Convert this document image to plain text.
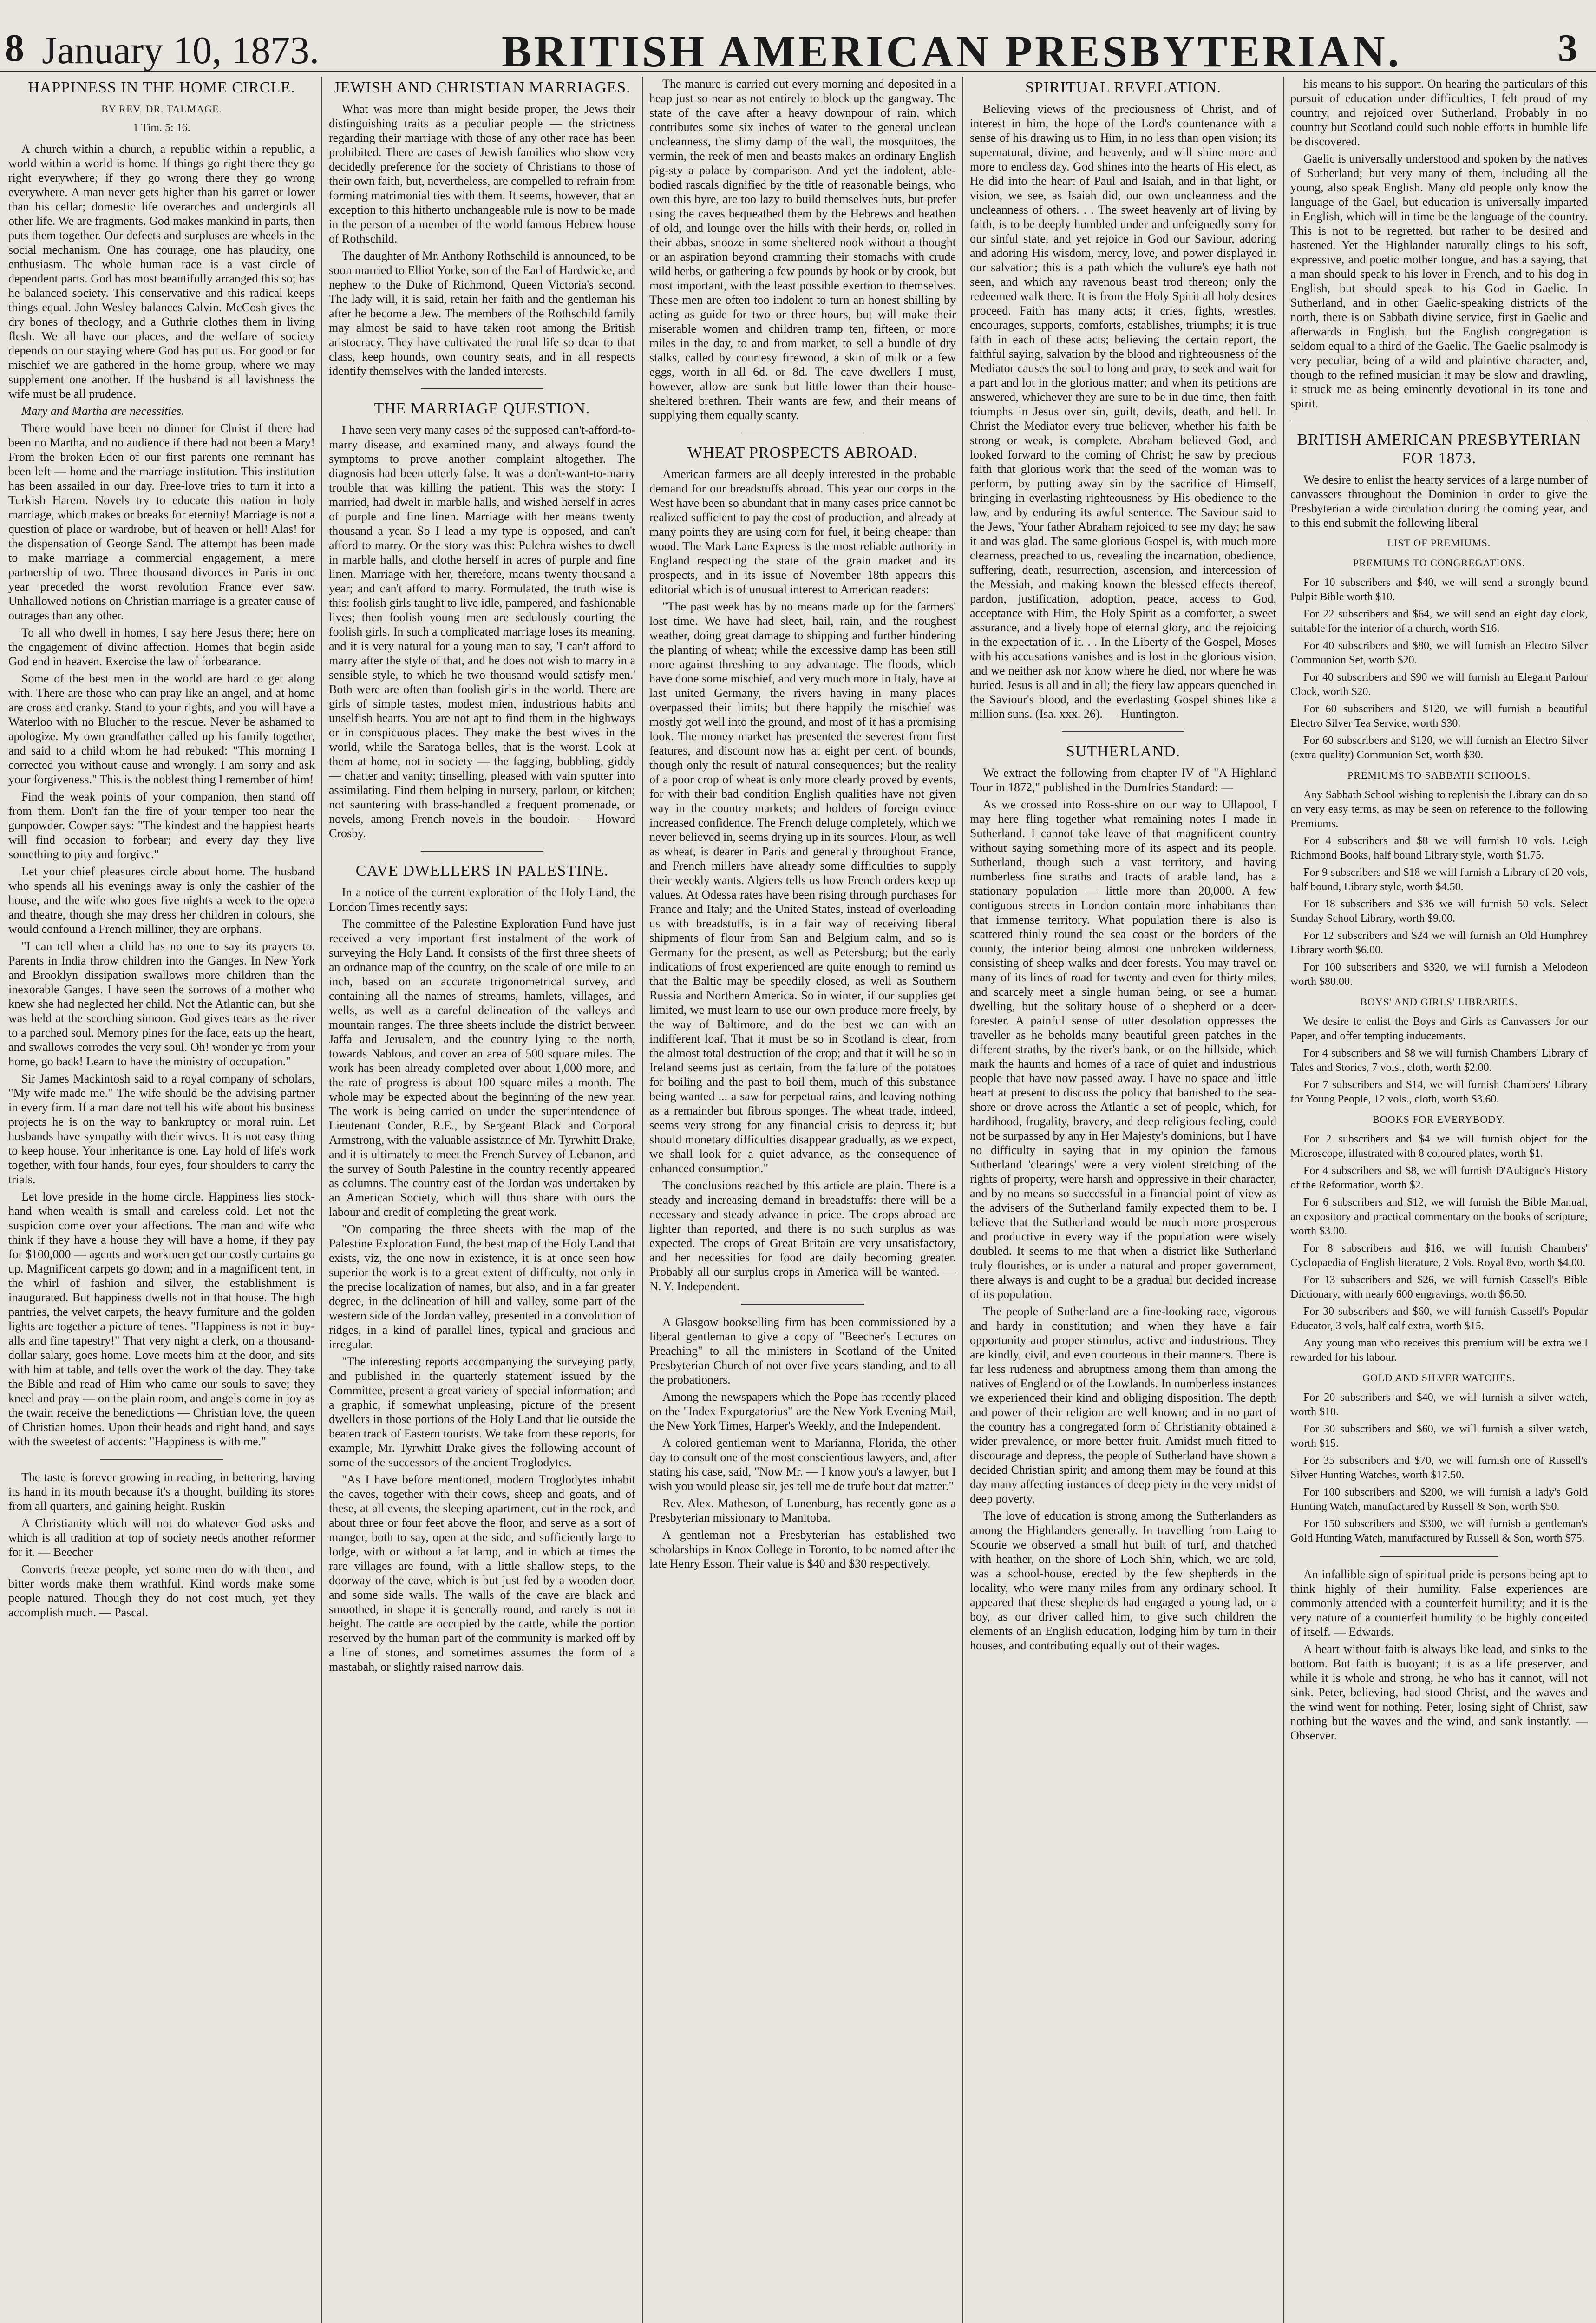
8 January 10, 1873.	BRITISH AMERICAN PRESBYTERIAN.	3
HAPPINESS IN THE HOME CIRCLE.
BY REV. DR. TALMAGE.
1 Tim. 5: 16.

A church within a church, a republic within a republic, a world within a world is home. If things go right there they go right everywhere; if they go wrong there they go wrong everywhere. A man never gets higher than his garret or lower than his cellar; domestic life overarches and undergirds all other life. We are fragments. God makes mankind in parts, then puts them together. Our defects and surpluses are wheels in the social mechanism. One has courage, one has plaudity, one enthusiasm. The whole human race is a vast circle of dependent parts. God has most beautifully arranged this so; has he balanced society. This conservative and this radical keeps things equal. John Wesley balances Calvin. McCosh gives the dry bones of theology, and a Guthrie clothes them in living flesh. We all have our places, and the welfare of society depends on our staying where God has put us. For good or for mischief we are gathered in the home group, where we may supplement one another. If the husband is all lavishness the wife must be all prudence.

Mary and Martha are necessities.

There would have been no dinner for Christ if there had been no Martha, and no audience if there had not been a Mary! From the broken Eden of our first parents one remnant has been left — home and the marriage institution. This institution has been assailed in our day. Free-love tries to turn it into a Turkish Harem. Novels try to educate this nation in holy marriage, which makes or breaks for eternity! Marriage is not a question of place or wardrobe, but of heaven or hell! Alas! for the dispensation of George Sand. The attempt has been made to make marriage a commercial engagement, a mere partnership of two. Three thousand divorces in Paris in one year preceded the worst revolution France ever saw. Unhallowed notions on Christian marriage is a greater cause of outrages than any other.

To all who dwell in homes, I say here Jesus there; here on the engagement of divine affection. Homes that begin aside God end in heaven. Exercise the law of forbearance.

Some of the best men in the world are hard to get along with. There are those who can pray like an angel, and at home are cross and cranky. Stand to your rights, and you will have a Waterloo with no Blucher to the rescue. Never be ashamed to apologize. My own grandfather called up his family together, and said to a child whom he had rebuked: "This morning I corrected you without cause and wrongly. I am sorry and ask your forgiveness." This is the noblest thing I remember of him!

Find the weak points of your companion, then stand off from them. Don't fan the fire of your temper too near the gunpowder. Cowper says: "The kindest and the happiest hearts will find occasion to forbear; and every day they live something to pity and forgive."

Let your chief pleasures circle about home. The husband who spends all his evenings away is only the cashier of the house, and the wife who goes five nights a week to the opera and theatre, though she may dress her children in colours, she would confound a French milliner, they are orphans.

"I can tell when a child has no one to say its prayers to. Parents in India throw children into the Ganges. In New York and Brooklyn dissipation swallows more children than the inexorable Ganges. I have seen the sorrows of a mother who knew she had neglected her child. Not the Atlantic can, but she was held at the scorching simoon. God gives tears as the river to a parched soul. Memory pines for the face, eats up the heart, and swallows corrodes the very soul. Oh! wonder ye from your home, go back! Learn to have the ministry of occupation."

Sir James Mackintosh said to a royal company of scholars, "My wife made me." The wife should be the advising partner in every firm. If a man dare not tell his wife about his business projects he is on the way to bankruptcy or moral ruin. Let husbands have sympathy with their wives. It is not easy thing to keep house. Your inheritance is one. Lay hold of life's work together, with four hands, four eyes, four shoulders to carry the trials.

Let love preside in the home circle. Happiness lies stock-hand when wealth is small and careless cold. Let not the suspicion come over your affections. The man and wife who think if they have a house they will have a home, if they pay for $100,000 — agents and workmen get our costly curtains go up. Magnificent carpets go down; and in a magnificent tent, in the whirl of fashion and silver, the establishment is inaugurated. But happiness dwells not in that house. The high pantries, the velvet carpets, the heavy furniture and the golden lights are together a picture of tenes. "Happiness is not in buy-alls and fine tapestry!" That very night a clerk, on a thousand-dollar salary, goes home. Love meets him at the door, and sits with him at table, and tells over the work of the day. They take the Bible and read of Him who came our souls to save; they kneel and pray — on the plain room, and angels come in joy as the twain receive the benedictions — Christian love, the queen of Christian homes. Upon their heads and right hand, and says with the sweetest of accents: "Happiness is with me."

The taste is forever growing in reading, in bettering, having its hand in its mouth because it's a thought, building its stores from all quarters, and gaining height. Ruskin

A Christianity which will not do whatever God asks and which is all tradition at top of society needs another reformer for it. — Beecher

Converts freeze people, yet some men do with them, and bitter words make them wrathful. Kind words make some people natured. Though they do not cost much, yet they accomplish much. — Pascal.

JEWISH AND CHRISTIAN MARRIAGES.

What was more than might beside proper, the Jews their distinguishing traits as a peculiar people — the strictness regarding their marriage with those of any other race has been prohibited. There are cases of Jewish families who show very decidedly preference for the society of Christians to those of their own faith, but, nevertheless, are compelled to refrain from forming matrimonial ties with them. It seems, however, that an exception to this hitherto unchangeable rule is now to be made in the person of a member of the world famous Hebrew house of Rothschild.

The daughter of Mr. Anthony Rothschild is announced, to be soon married to Elliot Yorke, son of the Earl of Hardwicke, and nephew to the Duke of Richmond, Queen Victoria's second. The lady will, it is said, retain her faith and the gentleman his after he become a Jew. The members of the Rothschild family may almost be said to have taken root among the British aristocracy. They have cultivated the rural life so dear to that class, keep hounds, own country seats, and in all respects identify themselves with the landed interests.

THE MARRIAGE QUESTION.

I have seen very many cases of the supposed can't-afford-to-marry disease, and examined many, and always found the symptoms to prove another complaint altogether. The diagnosis had been utterly false. It was a don't-want-to-marry trouble that was killing the patient. This was the story: I married, had dwelt in marble halls, and wished herself in acres of purple and fine linen. Marriage with her means twenty thousand a year. So I lead a my type is opposed, and can't afford to marry. Or the story was this: Pulchra wishes to dwell in marble halls, and clothe herself in acres of purple and fine linen. Marriage with her, therefore, means twenty thousand a year; and can't afford to marry. Formulated, the truth wise is this: foolish girls taught to live idle, pampered, and fashionable lives; then foolish young men are sedulously courting the foolish girls. In such a complicated marriage loses its meaning, and it is very natural for a young man to say, 'I can't afford to marry after the style of that, and he does not wish to marry in a sensible style, to which he two thousand would satisfy men.' Both were are often than foolish girls in the world. There are girls of simple tastes, modest mien, industrious habits and unselfish hearts. You are not apt to find them in the highways or in conspicuous places. They make the best wives in the world, while the Saratoga belles, that is the worst. Look at them at home, not in society — the fagging, bubbling, giddy — chatter and vanity; tinselling, pleased with vain sputter into assimilating. Find them helping in nursery, parlour, or kitchen; not sauntering with brass-handled a frequent promenade, or novels, among French novels in the boudoir. — Howard Crosby.

CAVE DWELLERS IN PALESTINE.

In a notice of the current exploration of the Holy Land, the London Times recently says:

The committee of the Palestine Exploration Fund have just received a very important first instalment of the work of surveying the Holy Land. It consists of the first three sheets of an ordnance map of the country, on the scale of one mile to an inch, based on an accurate trigonometrical survey, and containing all the names of streams, hamlets, villages, and wells, as well as a careful delineation of the valleys and mountain ranges. The three sheets include the district between Jaffa and Jerusalem, and the country lying to the north, towards Nablous, and cover an area of 500 square miles. The work has been already completed over about 1,000 more, and the rate of progress is about 100 square miles a month. The whole may be expected about the beginning of the new year. The work is being carried on under the superintendence of Lieutenant Conder, R.E., by Sergeant Black and Corporal Armstrong, with the valuable assistance of Mr. Tyrwhitt Drake, and it is ultimately to meet the French Survey of Lebanon, and the survey of South Palestine in the country recently appeared as columns. The country east of the Jordan was undertaken by an American Society, which will thus share with ours the labour and credit of completing the great work.

"On comparing the three sheets with the map of the Palestine Exploration Fund, the best map of the Holy Land that exists, viz, the one now in existence, it is at once seen how superior the work is to a great extent of difficulty, not only in the precise localization of names, but also, and in a far greater degree, in the delineation of hill and valley, some part of the western side of the Jordan valley, presented in a convolution of ridges, in a kind of parallel lines, typical and gracious and irregular.

"The interesting reports accompanying the surveying party, and published in the quarterly statement issued by the Committee, present a great variety of special information; and a graphic, if somewhat unpleasing, picture of the present dwellers in those portions of the Holy Land that lie outside the beaten track of Eastern tourists. We take from these reports, for example, Mr. Tyrwhitt Drake gives the following account of some of the successors of the ancient Troglodytes.

"As I have before mentioned, modern Troglodytes inhabit the caves, together with their cows, sheep and goats, and of these, at all events, the sleeping apartment, cut in the rock, and about three or four feet above the floor, and serve as a sort of manger, both to say, open at the side, and sufficiently large to lodge, with or without a fat lamp, and in which at times the rare villages are found, with a little shallow steps, to the doorway of the cave, which is but just fed by a wooden door, and some side walls. The walls of the cave are black and smoothed, in shape it is generally round, and rarely is not in height. The cattle are occupied by the cattle, while the portion reserved by the human part of the community is marked off by a line of stones, and sometimes assumes the form of a mastabah, or slightly raised narrow dais.

The manure is carried out every morning and deposited in a heap just so near as not entirely to block up the gangway. The state of the cave after a heavy downpour of rain, which contributes some six inches of water to the general unclean uncleanness, the slimy damp of the wall, the mosquitoes, the vermin, the reek of men and beasts makes an ordinary English pig-sty a palace by comparison. And yet the indolent, able-bodied rascals dignified by the title of reasonable beings, who own this byre, are too lazy to build themselves huts, but prefer using the caves bequeathed them by the Hebrews and heathen of old, and lounge over the hills with their herds, or, rolled in their abbas, snooze in some sheltered nook without a thought or an aspiration beyond cramming their stomachs with crude wild herbs, or gathering a few pounds by hook or by crook, but most important, with the least possible exertion to themselves. These men are often too indolent to turn an honest shilling by acting as guide for two or three hours, but will make their miserable women and children tramp ten, fifteen, or more miles in the day, to and from market, to sell a bundle of dry stalks, called by courtesy firewood, a skin of milk or a few eggs, worth in all 6d. or 8d. The cave dwellers I must, however, allow are sunk but little lower than their house-sheltered brethren. Their wants are few, and their means of supplying them equally scanty.

WHEAT PROSPECTS ABROAD.

American farmers are all deeply interested in the probable demand for our breadstuffs abroad. This year our corps in the West have been so abundant that in many cases price cannot be realized sufficient to pay the cost of production, and already at many points they are using corn for fuel, it being cheaper than wood. The Mark Lane Express is the most reliable authority in England respecting the state of the grain market and its prospects, and in its issue of November 18th appears this editorial which is of unusual interest to American readers:

"The past week has by no means made up for the farmers' lost time. We have had sleet, hail, rain, and the roughest weather, doing great damage to shipping and further hindering the planting of wheat; while the excessive damp has been still more against threshing to any advantage. The floods, which have done some mischief, and very much more in Italy, have at last united Germany, the rivers having in many places overpassed their limits; but there happily the mischief was mostly got well into the ground, and most of it has a promising look. The money market has presented the severest from first features, and discount now has at eight per cent. of bounds, though only the result of natural consequences; but the reality of a poor crop of wheat is only more clearly proved by events, for with their bad condition English qualities have not given way in the country markets; and holders of foreign evince increased confidence. The French deluge completely, which we never believed in, seems drying up in its sources. Flour, as well as wheat, is dearer in Paris and generally throughout France, and French millers have already some difficulties to supply their weekly wants. Algiers tells us how French orders keep up values. At Odessa rates have been rising through purchases for France and Italy; and the United States, instead of overloading us with breadstuffs, is in a fair way of receiving liberal shipments of flour from San and Belgium calm, and so is Germany for the present, as well as Petersburg; but the early indications of frost experienced are quite enough to remind us that the Baltic may be speedily closed, as well as Southern Russia and Northern America. So in winter, if our supplies get limited, we must learn to use our own produce more freely, by the way of Baltimore, and do the best we can with an indifferent loaf. That it must be so in Scotland is clear, from the almost total destruction of the crop; and that it will be so in Ireland seems just as certain, from the failure of the potatoes for boiling and the past to boil them, much of this substance being wanted ... a saw for perpetual rains, and leaving nothing as a remainder but fibrous sponges. The wheat trade, indeed, seems very strong for any financial crisis to depress it; but should monetary difficulties disappear gradually, as we expect, we shall look for a quiet advance, as the consequence of enhanced consumption."

The conclusions reached by this article are plain. There is a steady and increasing demand in breadstuffs: there will be a necessary and steady advance in price. The crops abroad are lighter than reported, and there is no such surplus as was expected. The crops of Great Britain are very unsatisfactory, and her necessities for food are daily becoming greater. Probably all our surplus crops in America will be wanted. — N. Y. Independent.

A Glasgow bookselling firm has been commissioned by a liberal gentleman to give a copy of "Beecher's Lectures on Preaching" to all the ministers in Scotland of the United Presbyterian Church of not over five years standing, and to all the probationers.

Among the newspapers which the Pope has recently placed on the "Index Expurgatorius" are the New York Evening Mail, the New York Times, Harper's Weekly, and the Independent.

A colored gentleman went to Marianna, Florida, the other day to consult one of the most conscientious lawyers, and, after stating his case, said, "Now Mr. — I know you's a lawyer, but I wish you would please sir, jes tell me de trufe bout dat matter."

Rev. Alex. Matheson, of Lunenburg, has recently gone as a Presbyterian missionary to Manitoba.

A gentleman not a Presbyterian has established two scholarships in Knox College in Toronto, to be named after the late Henry Esson. Their value is $40 and $30 respectively.

SPIRITUAL REVELATION.

Believing views of the preciousness of Christ, and of interest in him, the hope of the Lord's countenance with a sense of his drawing us to Him, in no less than open vision; its supernatural, divine, and heavenly, and will shine more and more to endless day. God shines into the hearts of His elect, as He did into the heart of Paul and Isaiah, and in that light, or vision, we see, as Isaiah did, our own uncleanness and the uncleanness of others. . . The sweet heavenly art of living by faith, is to be deeply humbled under and unfeignedly sorry for our sinful state, and yet rejoice in God our Saviour, adoring and adoring His wisdom, mercy, love, and power displayed in our salvation; this is a path which the vulture's eye hath not seen, and which any ravenous beast trod thereon; only the redeemed walk there. It is from the Holy Spirit all holy desires proceed. Faith has many acts; it cries, fights, wrestles, encourages, supports, comforts, establishes, triumphs; it is true faith in each of these acts; believing the certain report, the faithful saying, salvation by the blood and righteousness of the Mediator causes the soul to long and pray, to seek and wait for a part and lot in the glorious matter; and when its petitions are answered, whichever they are sure to be in due time, then faith triumphs in Jesus over sin, guilt, devils, death, and hell. In Christ the Mediator every true believer, whether his faith be strong or weak, is complete. Abraham believed God, and looked forward to the coming of Christ; he saw by precious faith that glorious work that the seed of the woman was to perform, by putting away sin by the sacrifice of Himself, bringing in everlasting righteousness by His obedience to the law, and by enduring its awful sentence. The Saviour said to the Jews, 'Your father Abraham rejoiced to see my day; he saw it and was glad. The same glorious Gospel is, with much more clearness, preached to us, revealing the incarnation, obedience, suffering, death, resurrection, ascension, and intercession of the Messiah, and making known the blessed effects thereof, pardon, justification, adoption, peace, access to God, acceptance with Him, the Holy Spirit as a comforter, a sweet assurance, and a lively hope of eternal glory, and the rejoicing in the expectation of it. . . In the Liberty of the Gospel, Moses with his accusations vanishes and is lost in the glorious vision, and we neither ask nor know where he died, nor where he was buried. Jesus is all and in all; the fiery law appears quenched in the Saviour's blood, and the everlasting Gospel shines like a million suns. (Isa. xxx. 26). — Huntington.

SUTHERLAND.

We extract the following from chapter IV of "A Highland Tour in 1872," published in the Dumfries Standard: —

As we crossed into Ross-shire on our way to Ullapool, I may here fling together what remaining notes I made in Sutherland. I cannot take leave of that magnificent country without saying something more of its aspect and its people. Sutherland, though such a vast territory, and having numberless fine straths and tracts of arable land, has a stationary population — little more than 20,000. A few contiguous streets in London contain more inhabitants than that immense territory. What population there is also is scattered thinly round the sea coast or the borders of the county, the interior being almost one unbroken wilderness, consisting of sheep walks and deer forests. You may travel on many of its lines of road for twenty and even for thirty miles, and scarcely meet a single human being, or see a human dwelling, but the solitary house of a shepherd or a deer-forester. A painful sense of utter desolation oppresses the traveller as he beholds many beautiful green patches in the different straths, by the river's bank, or on the hillside, which mark the haunts and homes of a race of quiet and industrious people that have now passed away. I have no space and little heart at present to discuss the policy that banished to the sea-shore or drove across the Atlantic a set of people, which, for hardihood, frugality, bravery, and deep religious feeling, could not be surpassed by any in Her Majesty's dominions, but I have no difficulty in saying that in my opinion the famous Sutherland 'clearings' were a very violent stretching of the rights of property, were harsh and oppressive in their character, and by no means so successful in a financial point of view as the advisers of the Sutherland family expected them to be. I believe that the Sutherland would be much more prosperous and productive in every way if the population were wisely doubled. It seems to me that when a district like Sutherland truly flourishes, or is under a natural and proper government, there always is and ought to be a gradual but decided increase of its population.

The people of Sutherland are a fine-looking race, vigorous and hardy in constitution; and when they have a fair opportunity and proper stimulus, active and industrious. They are kindly, civil, and even courteous in their manners. There is far less rudeness and abruptness among them than among the natives of England or of the Lowlands. In numberless instances we experienced their kind and obliging disposition. The depth and power of their religion are well known; and in no part of the country has a congregated form of Christianity obtained a wider prevalence, or more better fruit. Amidst much fitted to discourage and depress, the people of Sutherland have shown a decided Christian spirit; and among them may be found at this day many affecting instances of deep piety in the very midst of deep poverty.

The love of education is strong among the Sutherlanders as among the Highlanders generally. In travelling from Lairg to Scourie we observed a small hut built of turf, and thatched with heather, on the shore of Loch Shin, which, we are told, was a school-house, erected by the few shepherds in the locality, who were many miles from any ordinary school. It appeared that these shepherds had engaged a young lad, or a boy, as our driver called him, to give such children the elements of an English education, lodging him by turn in their houses, and contributing equally out of their wages.

his means to his support. On hearing the particulars of this pursuit of education under difficulties, I felt proud of my country, and rejoiced over Sutherland. Probably in no country but Scotland could such noble efforts in humble life be discovered.

Gaelic is universally understood and spoken by the natives of Sutherland; but very many of them, including all the young, also speak English. Many old people only know the language of the Gael, but education is universally imparted in English, which will in time be the language of the country. This is not to be regretted, but rather to be desired and hastened. Yet the Highlander naturally clings to his soft, expressive, and poetic mother tongue, and has a saying, that a man should speak to his lover in French, and to his dog in English, but should speak to his God in Gaelic. In Sutherland, and in other Gaelic-speaking districts of the north, there is on Sabbath divine service, first in Gaelic and afterwards in English, but the English congregation is seldom equal to a third of the Gaelic. The Gaelic psalmody is very peculiar, being of a wild and plaintive character, and, though to the refined musician it may be slow and drawling, it struck me as being eminently devotional in its tone and spirit.

BRITISH AMERICAN PRESBYTERIAN FOR 1873.

We desire to enlist the hearty services of a large number of canvassers throughout the Dominion in order to give the Presbyterian a wide circulation during the coming year, and to this end submit the following liberal

LIST OF PREMIUMS.

PREMIUMS TO CONGREGATIONS.

For 10 subscribers and $40, we will send a strongly bound Pulpit Bible worth $10.

For 22 subscribers and $64, we will send an eight day clock, suitable for the interior of a church, worth $16.

For 40 subscribers and $80, we will furnish an Electro Silver Communion Set, worth $20.

For 40 subscribers and $90 we will furnish an Elegant Parlour Clock, worth $20.

For 60 subscribers and $120, we will furnish a beautiful Electro Silver Tea Service, worth $30.

For 60 subscribers and $120, we will furnish an Electro Silver (extra quality) Communion Set, worth $30.

PREMIUMS TO SABBATH SCHOOLS.

Any Sabbath School wishing to replenish the Library can do so on very easy terms, as may be seen on reference to the following Premiums.

For 4 subscribers and $8 we will furnish 10 vols. Leigh Richmond Books, half bound Library style, worth $1.75.

For 9 subscribers and $18 we will furnish a Library of 20 vols, half bound, Library style, worth $4.50.

For 18 subscribers and $36 we will furnish 50 vols. Select Sunday School Library, worth $9.00.

For 12 subscribers and $24 we will furnish an Old Humphrey Library worth $6.00.

For 100 subscribers and $320, we will furnish a Melodeon worth $80.00.

BOYS' AND GIRLS' LIBRARIES.

We desire to enlist the Boys and Girls as Canvassers for our Paper, and offer tempting inducements.

For 4 subscribers and $8 we will furnish Chambers' Library of Tales and Stories, 7 vols., cloth, worth $2.00.

For 7 subscribers and $14, we will furnish Chambers' Library for Young People, 12 vols., cloth, worth $3.60.

BOOKS FOR EVERYBODY.

For 2 subscribers and $4 we will furnish object for the Microscope, illustrated with 8 coloured plates, worth $1.

For 4 subscribers and $8, we will furnish D'Aubigne's History of the Reformation, worth $2.

For 6 subscribers and $12, we will furnish the Bible Manual, an expository and practical commentary on the books of scripture, worth $3.00.

For 8 subscribers and $16, we will furnish Chambers' Cyclopaedia of English literature, 2 Vols. Royal 8vo, worth $4.00.

For 13 subscribers and $26, we will furnish Cassell's Bible Dictionary, with nearly 600 engravings, worth $6.50.

For 30 subscribers and $60, we will furnish Cassell's Popular Educator, 3 vols, half calf extra, worth $15.

Any young man who receives this premium will be extra well rewarded for his labour.

GOLD AND SILVER WATCHES.

For 20 subscribers and $40, we will furnish a silver watch, worth $10.

For 30 subscribers and $60, we will furnish a silver watch, worth $15.

For 35 subscribers and $70, we will furnish one of Russell's Silver Hunting Watches, worth $17.50.

For 100 subscribers and $200, we will furnish a lady's Gold Hunting Watch, manufactured by Russell & Son, worth $50.

For 150 subscribers and $300, we will furnish a gentleman's Gold Hunting Watch, manufactured by Russell & Son, worth $75.

An infallible sign of spiritual pride is persons being apt to think highly of their humility. False experiences are commonly attended with a counterfeit humility; and it is the very nature of a counterfeit humility to be highly conceited of itself. — Edwards.

A heart without faith is always like lead, and sinks to the bottom. But faith is buoyant; it is as a life preserver, and while it is whole and strong, he who has it cannot, will not sink. Peter, believing, had stood Christ, and the waves and the wind went for nothing. Peter, losing sight of Christ, saw nothing but the waves and the wind, and sank instantly. — Observer.
